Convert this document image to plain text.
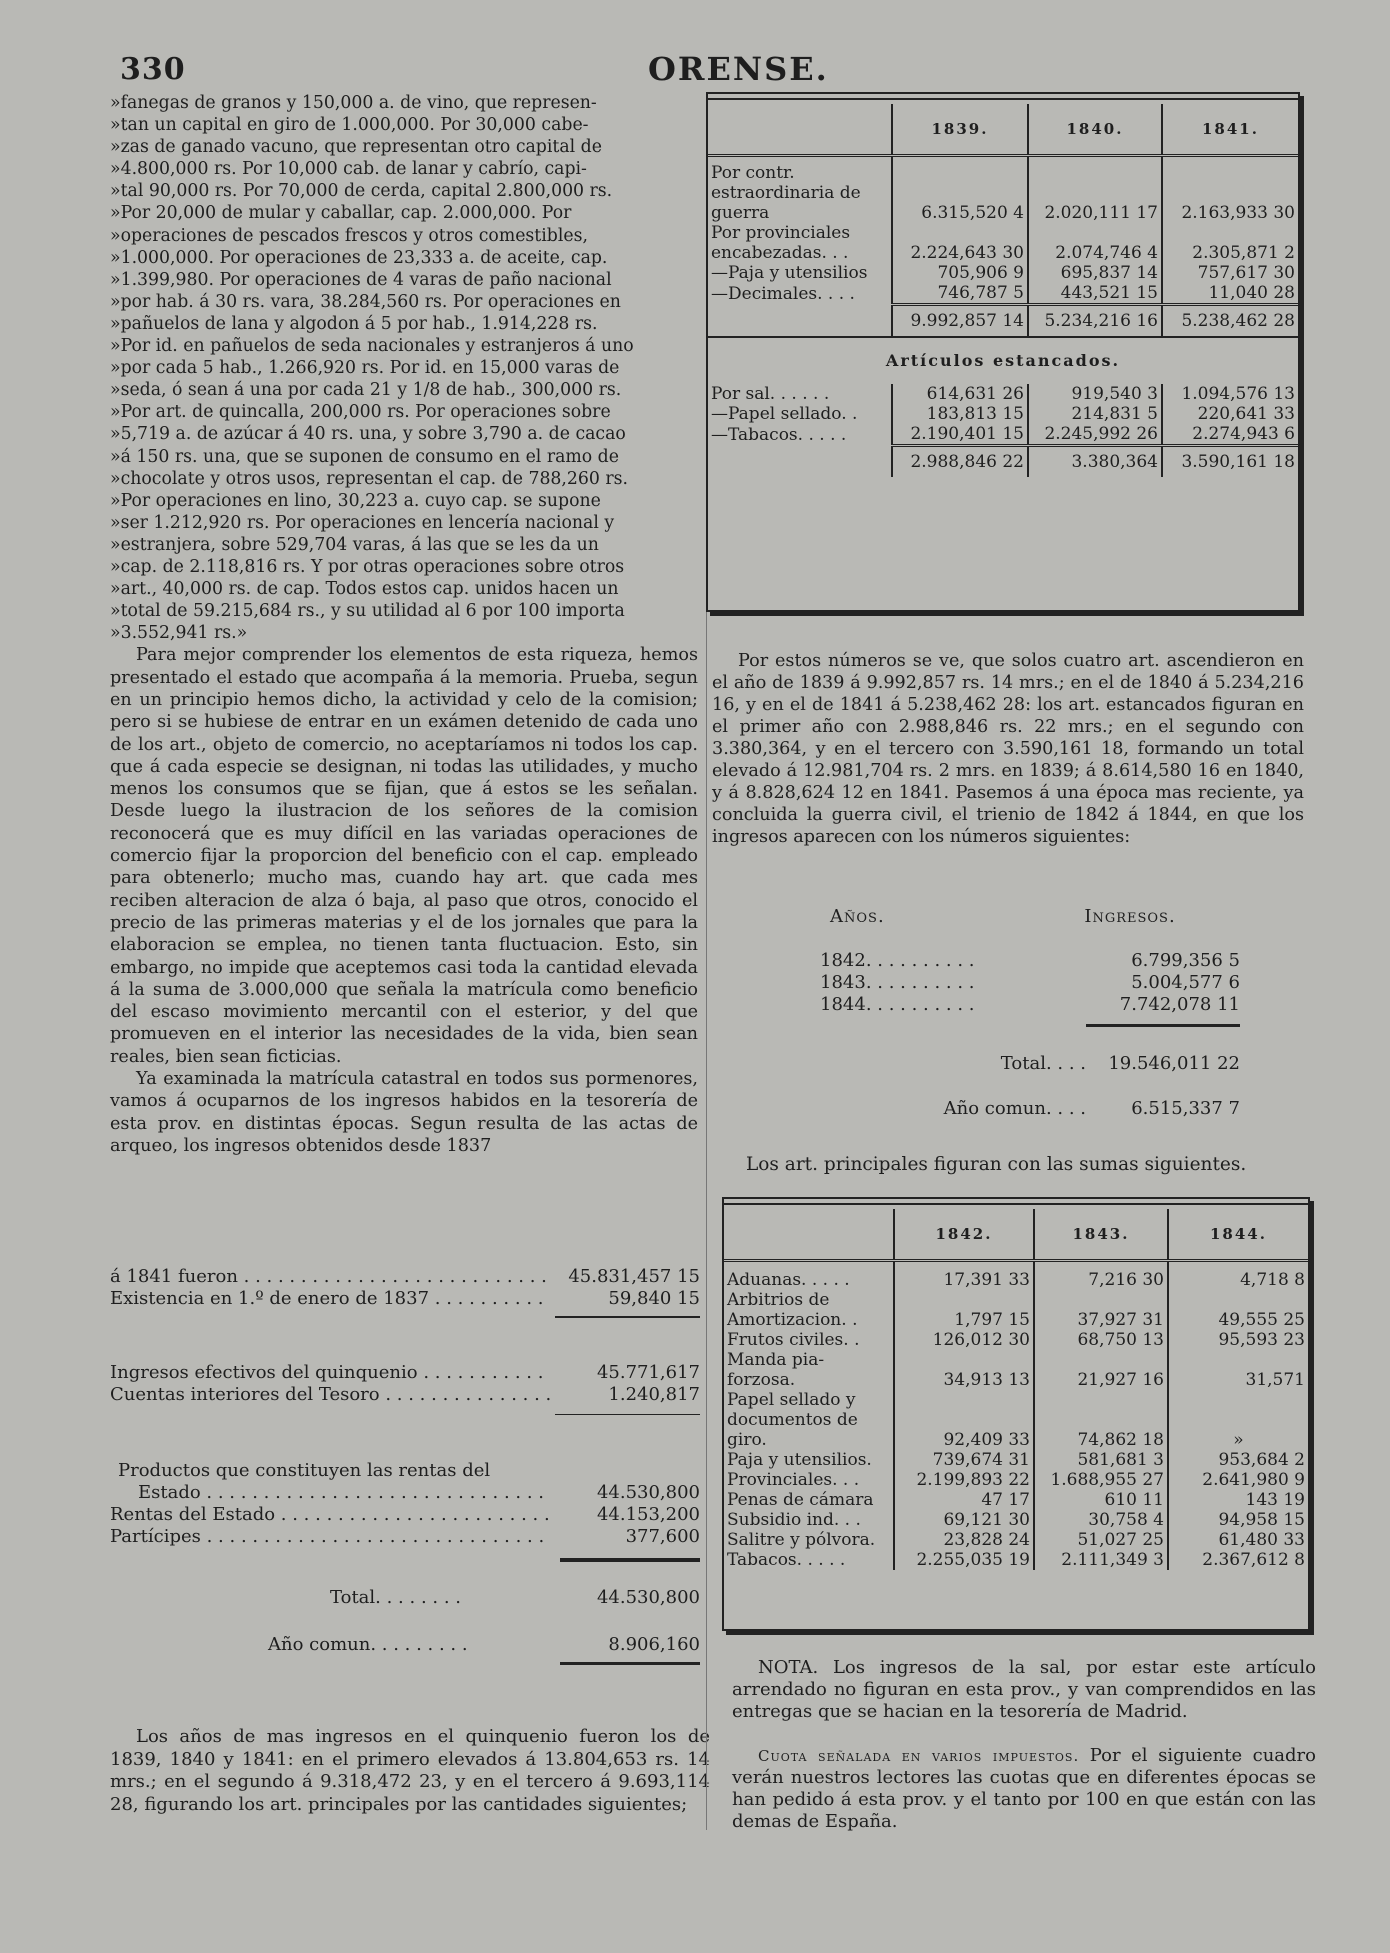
330	ORENSE.

»fanegas de granos y 150,000 a. de vino, que represen-

»tan un capital en giro de 1.000,000. Por 30,000 cabe-

»zas de ganado vacuno, que representan otro capital de

»4.800,000 rs. Por 10,000 cab. de lanar y cabrío, capi-

»tal 90,000 rs. Por 70,000 de cerda, capital 2.800,000 rs.

»Por 20,000 de mular y caballar, cap. 2.000,000. Por

»operaciones de pescados frescos y otros comestibles,

»1.000,000. Por operaciones de 23,333 a. de aceite, cap.

»1.399,980. Por operaciones de 4 varas de paño nacional

»por hab. á 30 rs. vara, 38.284,560 rs. Por operaciones en

»pañuelos de lana y algodon á 5 por hab., 1.914,228 rs.

»Por id. en pañuelos de seda nacionales y estranjeros á uno

»por cada 5 hab., 1.266,920 rs. Por id. en 15,000 varas de

»seda, ó sean á una por cada 21 y 1/8 de hab., 300,000 rs.

»Por art. de quincalla, 200,000 rs. Por operaciones sobre

»5,719 a. de azúcar á 40 rs. una, y sobre 3,790 a. de cacao

»á 150 rs. una, que se suponen de consumo en el ramo de

»chocolate y otros usos, representan el cap. de 788,260 rs.

»Por operaciones en lino, 30,223 a. cuyo cap. se supone

»ser 1.212,920 rs. Por operaciones en lencería nacional y

»estranjera, sobre 529,704 varas, á las que se les da un

»cap. de 2.118,816 rs. Y por otras operaciones sobre otros

»art., 40,000 rs. de cap. Todos estos cap. unidos hacen un

»total de 59.215,684 rs., y su utilidad al 6 por 100 importa

»3.552,941 rs.»

Para mejor comprender los elementos de esta riqueza, hemos presentado el estado que acompaña á la memoria. Prueba, segun en un principio hemos dicho, la actividad y celo de la comision; pero si se hubiese de entrar en un exámen detenido de cada uno de los art., objeto de comercio, no aceptaríamos ni todos los cap. que á cada especie se designan, ni todas las utilidades, y mucho menos los consumos que se fijan, que á estos se les señalan. Desde luego la ilustracion de los señores de la comision reconocerá que es muy difícil en las variadas operaciones de comercio fijar la proporcion del beneficio con el cap. empleado para obtenerlo; mucho mas, cuando hay art. que cada mes reciben alteracion de alza ó baja, al paso que otros, conocido el precio de las primeras materias y el de los jornales que para la elaboracion se emplea, no tienen tanta fluctuacion. Esto, sin embargo, no impide que aceptemos casi toda la cantidad elevada á la suma de 3.000,000 que señala la matrícula como beneficio del escaso movimiento mercantil con el esterior, y del que promueven en el interior las necesidades de la vida, bien sean reales, bien sean ficticias.

Ya examinada la matrícula catastral en todos sus pormenores, vamos á ocuparnos de los ingresos habidos en la tesorería de esta prov. en distintas épocas. Segun resulta de las actas de arqueo, los ingresos obtenidos desde 1837

á 1841 fueron . . .	45.831,457 15
Existencia en 1.º de enero de 1837 . . .	59,840 15
Ingresos efectivos del quinquenio . . .	45.771,617
Cuentas interiores del Tesoro . . .	1.240,817
Productos que constituyen las rentas del
Estado . . .	44.530,800
Rentas del Estado . . .	44.153,200
Partícipes . . .	377,600
Total. . . . . . . .	44.530,800
Año comun. . . . . . . . .	8.906,160

Los años de mas ingresos en el quinquenio fueron los de 1839, 1840 y 1841: en el primero elevados á 13.804,653 rs. 14 mrs.; en el segundo á 9.318,472 23, y en el tercero á 9.693,114 28, figurando los art. principales por las cantidades siguientes;

	1839.	1840.	1841.
Por contr. estraordinaria de guerra	6.315,520 4	2.020,111 17	2.163,933 30
Por provinciales encabezadas. . .	2.224,643 30	2.074,746 4	2.305,871 2
—Paja y utensilios	705,906 9	695,837 14	757,617 30
—Decimales. . . .	746,787 5	443,521 15	11,040 28
	9.992,857 14	5.234,216 16	5.238,462 28
Artículos estancados.			
Por sal. . . . . .	614,631 26	919,540 3	1.094,576 13
—Papel sellado. .	183,813 15	214,831 5	220,641 33
—Tabacos. . . . .	2.190,401 15	2.245,992 26	2.274,943 6
	2.988,846 22	3.380,364	3.590,161 18

Por estos números se ve, que solos cuatro art. ascendieron en el año de 1839 á 9.992,857 rs. 14 mrs.; en el de 1840 á 5.234,216 16, y en el de 1841 á 5.238,462 28: los art. estancados figuran en el primer año con 2.988,846 rs. 22 mrs.; en el segundo con 3.380,364, y en el tercero con 3.590,161 18, formando un total elevado á 12.981,704 rs. 2 mrs. en 1839; á 8.614,580 16 en 1840, y á 8.828,624 12 en 1841. Pasemos á una época mas reciente, ya concluida la guerra civil, el trienio de 1842 á 1844, en que los ingresos aparecen con los números siguientes:

Años.	Ingresos.
1842. . . . . . . . . .	6.799,356 5
1843. . . . . . . . . .	5.004,577 6
1844. . . . . . . . . .	7.742,078 11
Total. . . .	19.546,011 22
Año comun. . . .	6.515,337 7
Los art. principales figuran con las sumas siguientes.
	1842.	1843.	1844.
Aduanas. . . . .	17,391 33	7,216 30	4,718 8
Arbitrios de Amortizacion. .	1,797 15	37,927 31	49,555 25
Frutos civiles. .	126,012 30	68,750 13	95,593 23
Manda pia-forzosa.	34,913 13	21,927 16	31,571
Papel sellado y documentos de giro.	92,409 33	74,862 18	»
Paja y utensilios.	739,674 31	581,681 3	953,684 2
Provinciales. . .	2.199,893 22	1.688,955 27	2.641,980 9
Penas de cámara	47 17	610 11	143 19
Subsidio ind. . .	69,121 30	30,758 4	94,958 15
Salitre y pólvora.	23,828 24	51,027 25	61,480 33
Tabacos. . . . .	2.255,035 19	2.111,349 3	2.367,612 8

NOTA. Los ingresos de la sal, por estar este artículo arrendado no figuran en esta prov., y van comprendidos en las entregas que se hacian en la tesorería de Madrid.

Cuota señalada en varios impuestos. Por el siguiente cuadro verán nuestros lectores las cuotas que en diferentes épocas se han pedido á esta prov. y el tanto por 100 en que están con las demas de España.
